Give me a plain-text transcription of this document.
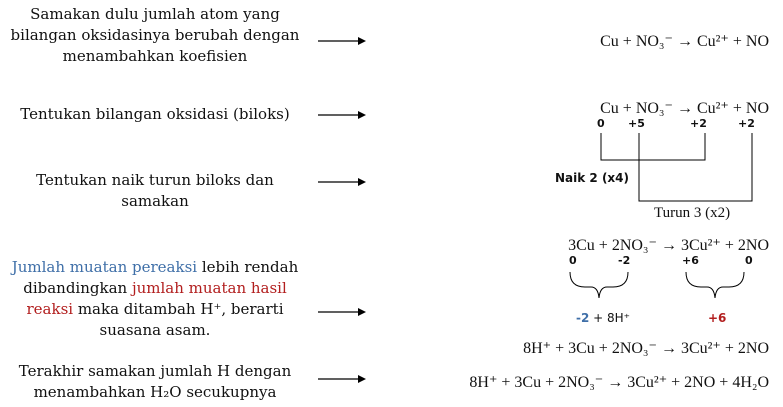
Samakan dulu jumlah atom yang
bilangan oksidasinya berubah dengan
menambahkan koefisien
Tentukan bilangan oksidasi (biloks)
Tentukan naik turun biloks dan
samakan
Jumlah muatan pereaksi lebih rendah
dibandingkan jumlah muatan hasil
reaksi maka ditambah H⁺, berarti
suasana asam.
Terakhir samakan jumlah H dengan
menambahkan H₂O secukupnya
Cu + NO₃⁻ → Cu²⁺ + NO
Cu + NO₃⁻ → Cu²⁺ + NO
0 +5	+2	+2
Naik 2 (x4)
Turun 3 (x2)
3Cu + 2NO₃⁻ → 3Cu²⁺ + 2NO
0	-2	+6	0
-2 + 8H⁺	+6
8H⁺ + 3Cu + 2NO₃⁻ → 3Cu²⁺ + 2NO
8H⁺ + 3Cu + 2NO₃⁻ → 3Cu²⁺ + 2NO + 4H₂O
